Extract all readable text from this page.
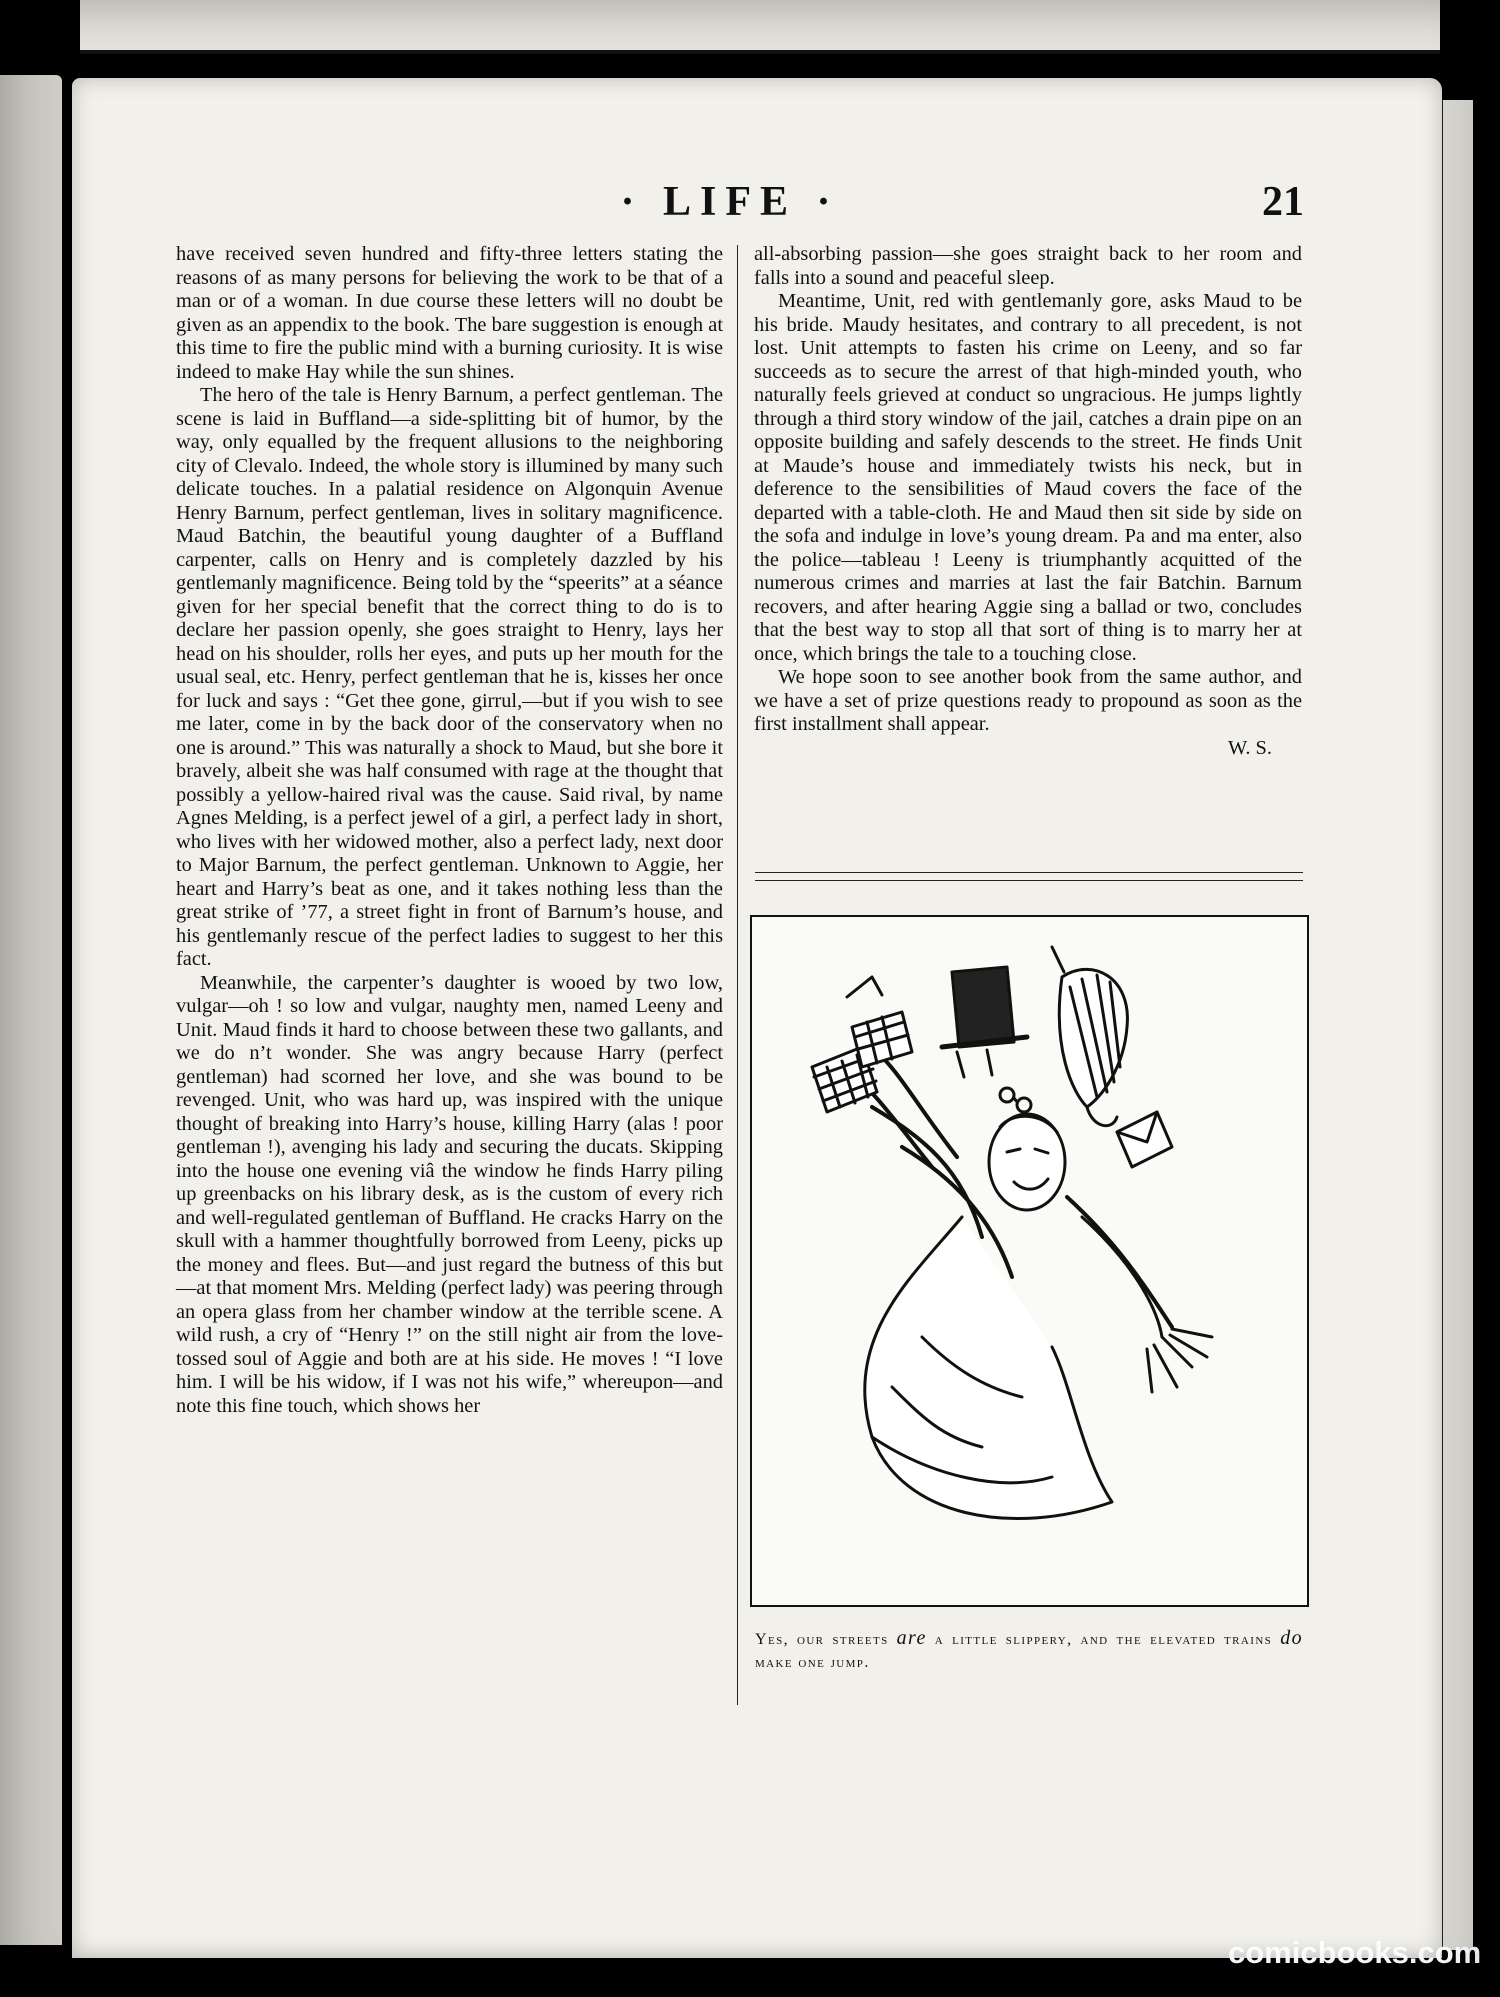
· LIFE ·	21

have received seven hundred and fifty-three letters stating the reasons of as many persons for believing the work to be that of a man or of a woman. In due course these letters will no doubt be given as an appendix to the book. The bare suggestion is enough at this time to fire the public mind with a burning curiosity. It is wise indeed to make Hay while the sun shines.

The hero of the tale is Henry Barnum, a perfect gentleman. The scene is laid in Buffland—a side-splitting bit of humor, by the way, only equalled by the frequent allusions to the neighboring city of Clevalo. Indeed, the whole story is illumined by many such delicate touches. In a palatial residence on Algonquin Avenue Henry Barnum, perfect gentleman, lives in solitary magnificence. Maud Batchin, the beautiful young daughter of a Buffland carpenter, calls on Henry and is completely dazzled by his gentlemanly magnificence. Being told by the “speerits” at a séance given for her special benefit that the correct thing to do is to declare her passion openly, she goes straight to Henry, lays her head on his shoulder, rolls her eyes, and puts up her mouth for the usual seal, etc. Henry, perfect gentleman that he is, kisses her once for luck and says : “Get thee gone, girrul,—but if you wish to see me later, come in by the back door of the conservatory when no one is around.” This was naturally a shock to Maud, but she bore it bravely, albeit she was half consumed with rage at the thought that possibly a yellow-haired rival was the cause. Said rival, by name Agnes Melding, is a perfect jewel of a girl, a perfect lady in short, who lives with her widowed mother, also a perfect lady, next door to Major Barnum, the perfect gentleman. Unknown to Aggie, her heart and Harry’s beat as one, and it takes nothing less than the great strike of ’77, a street fight in front of Barnum’s house, and his gentlemanly rescue of the perfect ladies to suggest to her this fact.

Meanwhile, the carpenter’s daughter is wooed by two low, vulgar—oh ! so low and vulgar, naughty men, named Leeny and Unit. Maud finds it hard to choose between these two gallants, and we do n’t wonder. She was angry because Harry (perfect gentleman) had scorned her love, and she was bound to be revenged. Unit, who was hard up, was inspired with the unique thought of breaking into Harry’s house, killing Harry (alas ! poor gentleman !), avenging his lady and securing the ducats. Skipping into the house one evening viâ the window he finds Harry piling up greenbacks on his library desk, as is the custom of every rich and well-regulated gentleman of Buffland. He cracks Harry on the skull with a hammer thoughtfully borrowed from Leeny, picks up the money and flees. But—and just regard the butness of this but—at that moment Mrs. Melding (perfect lady) was peering through an opera glass from her chamber window at the terrible scene. A wild rush, a cry of “Henry !” on the still night air from the love-tossed soul of Aggie and both are at his side. He moves ! “I love him. I will be his widow, if I was not his wife,” whereupon—and note this fine touch, which shows her

all-absorbing passion—she goes straight back to her room and falls into a sound and peaceful sleep.

Meantime, Unit, red with gentlemanly gore, asks Maud to be his bride. Maudy hesitates, and contrary to all precedent, is not lost. Unit attempts to fasten his crime on Leeny, and so far succeeds as to secure the arrest of that high-minded youth, who naturally feels grieved at conduct so ungracious. He jumps lightly through a third story window of the jail, catches a drain pipe on an opposite building and safely descends to the street. He finds Unit at Maude’s house and immediately twists his neck, but in deference to the sensibilities of Maud covers the face of the departed with a table-cloth. He and Maud then sit side by side on the sofa and indulge in love’s young dream. Pa and ma enter, also the police—tableau ! Leeny is triumphantly acquitted of the numerous crimes and marries at last the fair Batchin. Barnum recovers, and after hearing Aggie sing a ballad or two, concludes that the best way to stop all that sort of thing is to marry her at once, which brings the tale to a touching close.

We hope soon to see another book from the same author, and we have a set of prize questions ready to propound as soon as the first installment shall appear.

W. S.

Yes, our streets are a little slippery, and the elevated trains do make one jump.
comicbooks.com
